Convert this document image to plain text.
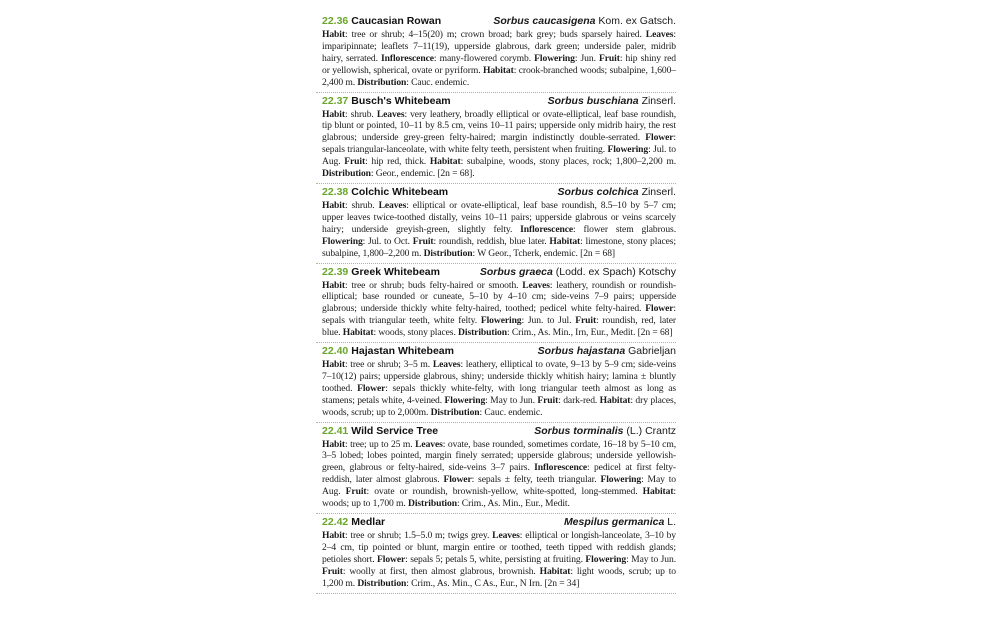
22.36 Caucasian Rowan	Sorbus caucasigena Kom. ex Gatsch.
Habit: tree or shrub; 4–15(20) m; crown broad; bark grey; buds sparsely haired. Leaves: imparipinnate; leaflets 7–11(19), upperside glabrous, dark green; underside paler, midrib hairy, serrated. Inflorescence: many-flowered corymb. Flowering: Jun. Fruit: hip shiny red or yellowish, spherical, ovate or pyriform. Habitat: crook-branched woods; subalpine, 1,600–2,400 m. Distribution: Cauc. endemic.
22.37 Busch's Whitebeam	Sorbus buschiana Zinserl.
Habit: shrub. Leaves: very leathery, broadly elliptical or ovate-elliptical, leaf base roundish, tip blunt or pointed, 10–11 by 8.5 cm, veins 10–11 pairs; upperside only midrib hairy, the rest glabrous; underside grey-green felty-haired; margin indistinctly double-serrated. Flower: sepals triangular-lanceolate, with white felty teeth, persistent when fruiting. Flowering: Jul. to Aug. Fruit: hip red, thick. Habitat: subalpine, woods, stony places, rock; 1,800–2,200 m. Distribution: Geor., endemic. [2n = 68].
22.38 Colchic Whitebeam	Sorbus colchica Zinserl.
Habit: shrub. Leaves: elliptical or ovate-elliptical, leaf base roundish, 8.5–10 by 5–7 cm; upper leaves twice-toothed distally, veins 10–11 pairs; upperside glabrous or veins scarcely hairy; underside greyish-green, slightly felty. Inflorescence: flower stem glabrous. Flowering: Jul. to Oct. Fruit: roundish, reddish, blue later. Habitat: limestone, stony places; subalpine, 1,800–2,200 m. Distribution: W Geor., Tcherk, endemic. [2n = 68]
22.39 Greek Whitebeam	Sorbus graeca (Lodd. ex Spach) Kotschy
Habit: tree or shrub; buds felty-haired or smooth. Leaves: leathery, roundish or roundish-elliptical; base rounded or cuneate, 5–10 by 4–10 cm; side-veins 7–9 pairs; upperside glabrous; underside thickly white felty-haired, toothed; pedicel white felty-haired. Flower: sepals with triangular teeth, white felty. Flowering: Jun. to Jul. Fruit: roundish, red, later blue. Habitat: woods, stony places. Distribution: Crim., As. Min., Irn, Eur., Medit. [2n = 68]
22.40 Hajastan Whitebeam	Sorbus hajastana Gabrieljan
Habit: tree or shrub; 3–5 m. Leaves: leathery, elliptical to ovate, 9–13 by 5–9 cm; side-veins 7–10(12) pairs; upperside glabrous, shiny; underside thickly whitish hairy; lamina ± bluntly toothed. Flower: sepals thickly white-felty, with long triangular teeth almost as long as stamens; petals white, 4-veined. Flowering: May to Jun. Fruit: dark-red. Habitat: dry places, woods, scrub; up to 2,000m. Distribution: Cauc. endemic.
22.41 Wild Service Tree	Sorbus torminalis (L.) Crantz
Habit: tree; up to 25 m. Leaves: ovate, base rounded, sometimes cordate, 16–18 by 5–10 cm, 3–5 lobed; lobes pointed, margin finely serrated; upperside glabrous; underside yellowish-green, glabrous or felty-haired, side-veins 3–7 pairs. Inflorescence: pedicel at first felty-reddish, later almost glabrous. Flower: sepals ± felty, teeth triangular. Flowering: May to Aug. Fruit: ovate or roundish, brownish-yellow, white-spotted, long-stemmed. Habitat: woods; up to 1,700 m. Distribution: Crim., As. Min., Eur., Medit.
22.42 Medlar	Mespilus germanica L.
Habit: tree or shrub; 1.5–5.0 m; twigs grey. Leaves: elliptical or longish-lanceolate, 3–10 by 2–4 cm, tip pointed or blunt, margin entire or toothed, teeth tipped with reddish glands; petioles short. Flower: sepals 5; petals 5, white, persisting at fruiting. Flowering: May to Jun. Fruit: woolly at first, then almost glabrous, brownish. Habitat: light woods, scrub; up to 1,200 m. Distribution: Crim., As. Min., C As., Eur., N Irn. [2n = 34]
